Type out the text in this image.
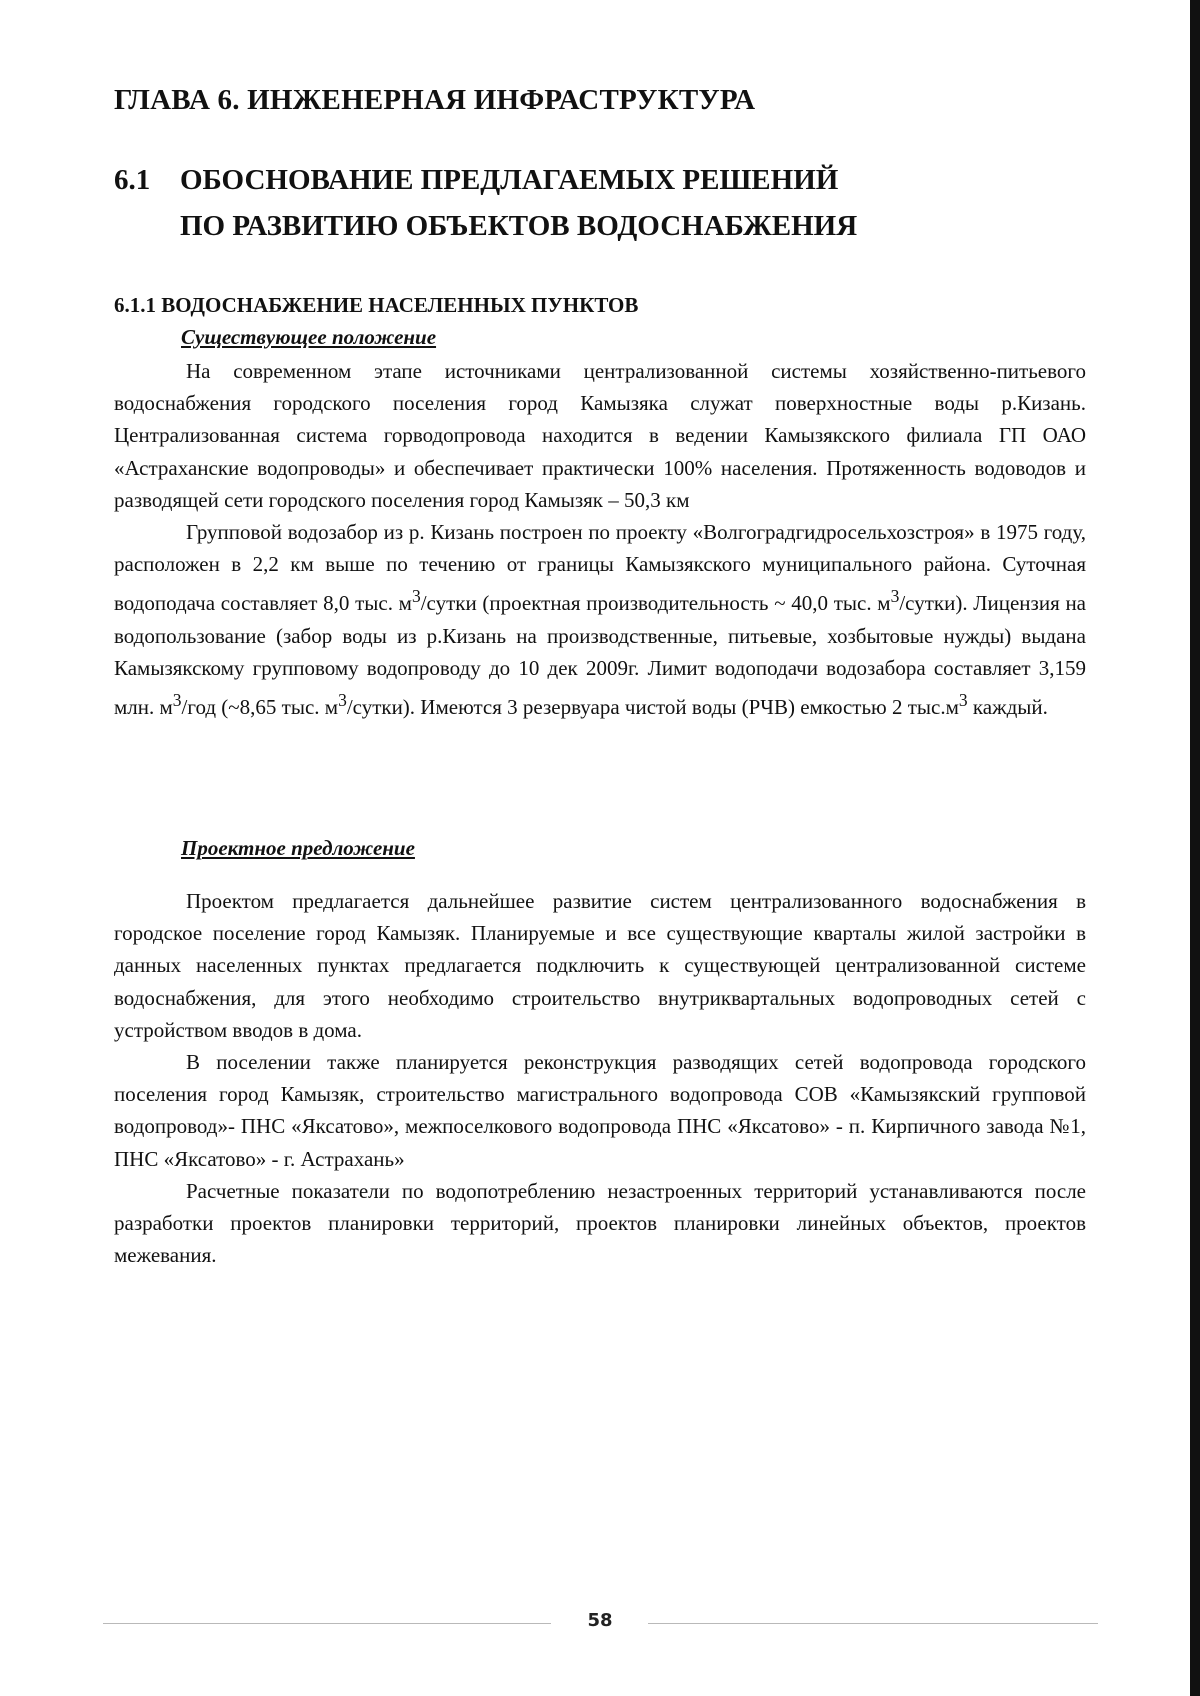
ГЛАВА 6. ИНЖЕНЕРНАЯ ИНФРАСТРУКТУРА
6.1 ОБОСНОВАНИЕ ПРЕДЛАГАЕМЫХ РЕШЕНИЙ
ПО РАЗВИТИЮ ОБЪЕКТОВ ВОДОСНАБЖЕНИЯ
6.1.1 ВОДОСНАБЖЕНИЕ НАСЕЛЕННЫХ ПУНКТОВ

Существующее положение

На современном этапе источниками централизованной системы хозяйственно-питьевого водоснабжения городского поселения город Камызяка служат поверхностные воды р.Кизань. Централизованная система горводопровода находится в ведении Камызякского филиала ГП ОАО «Астраханские водопроводы» и обеспечивает практически 100% населения. Протяженность водоводов и разводящей сети городского поселения город Камызяк – 50,3 км

Групповой водозабор из р. Кизань построен по проекту «Волгоградгидросельхозстроя» в 1975 году, расположен в 2,2 км выше по течению от границы Камызякского муниципального района. Суточная водоподача составляет 8,0 тыс. $м^3$/сутки (проектная производительность ~ 40,0 тыс. $м^3/сутки$). Лицензия на водопользование (забор воды из р.Кизань на производственные, питьевые, хозбытовые нужды) выдана Камызякскому групповому водопроводу до 10 дек 2009г. Лимит водоподачи водозабора составляет 3,159 млн. $м^3$/год (~8,65 тыс. $м^3/сутки$). Имеются 3 резервуара чистой воды (РЧВ) емкостью 2 $тыс.м^3$ каждый.

Проектное предложение

Проектом предлагается дальнейшее развитие систем централизованного водоснабжения в городское поселение город Камызяк. Планируемые и все существующие кварталы жилой застройки в данных населенных пунктах предлагается подключить к существующей централизованной системе водоснабжения, для этого необходимо строительство внутриквартальных водопроводных сетей с устройством вводов в дома.

В поселении также планируется реконструкция разводящих сетей водопровода городского поселения город Камызяк, строительство магистрального водопровода СОВ «Камызякский групповой водопровод»- ПНС «Яксатово», межпоселкового водопровода ПНС «Яксатово» - п. Кирпичного завода №1, ПНС «Яксатово» - г. Астрахань»

Расчетные показатели по водопотреблению незастроенных территорий устанавливаются после разработки проектов планировки территорий, проектов планировки линейных объектов, проектов межевания.

58
